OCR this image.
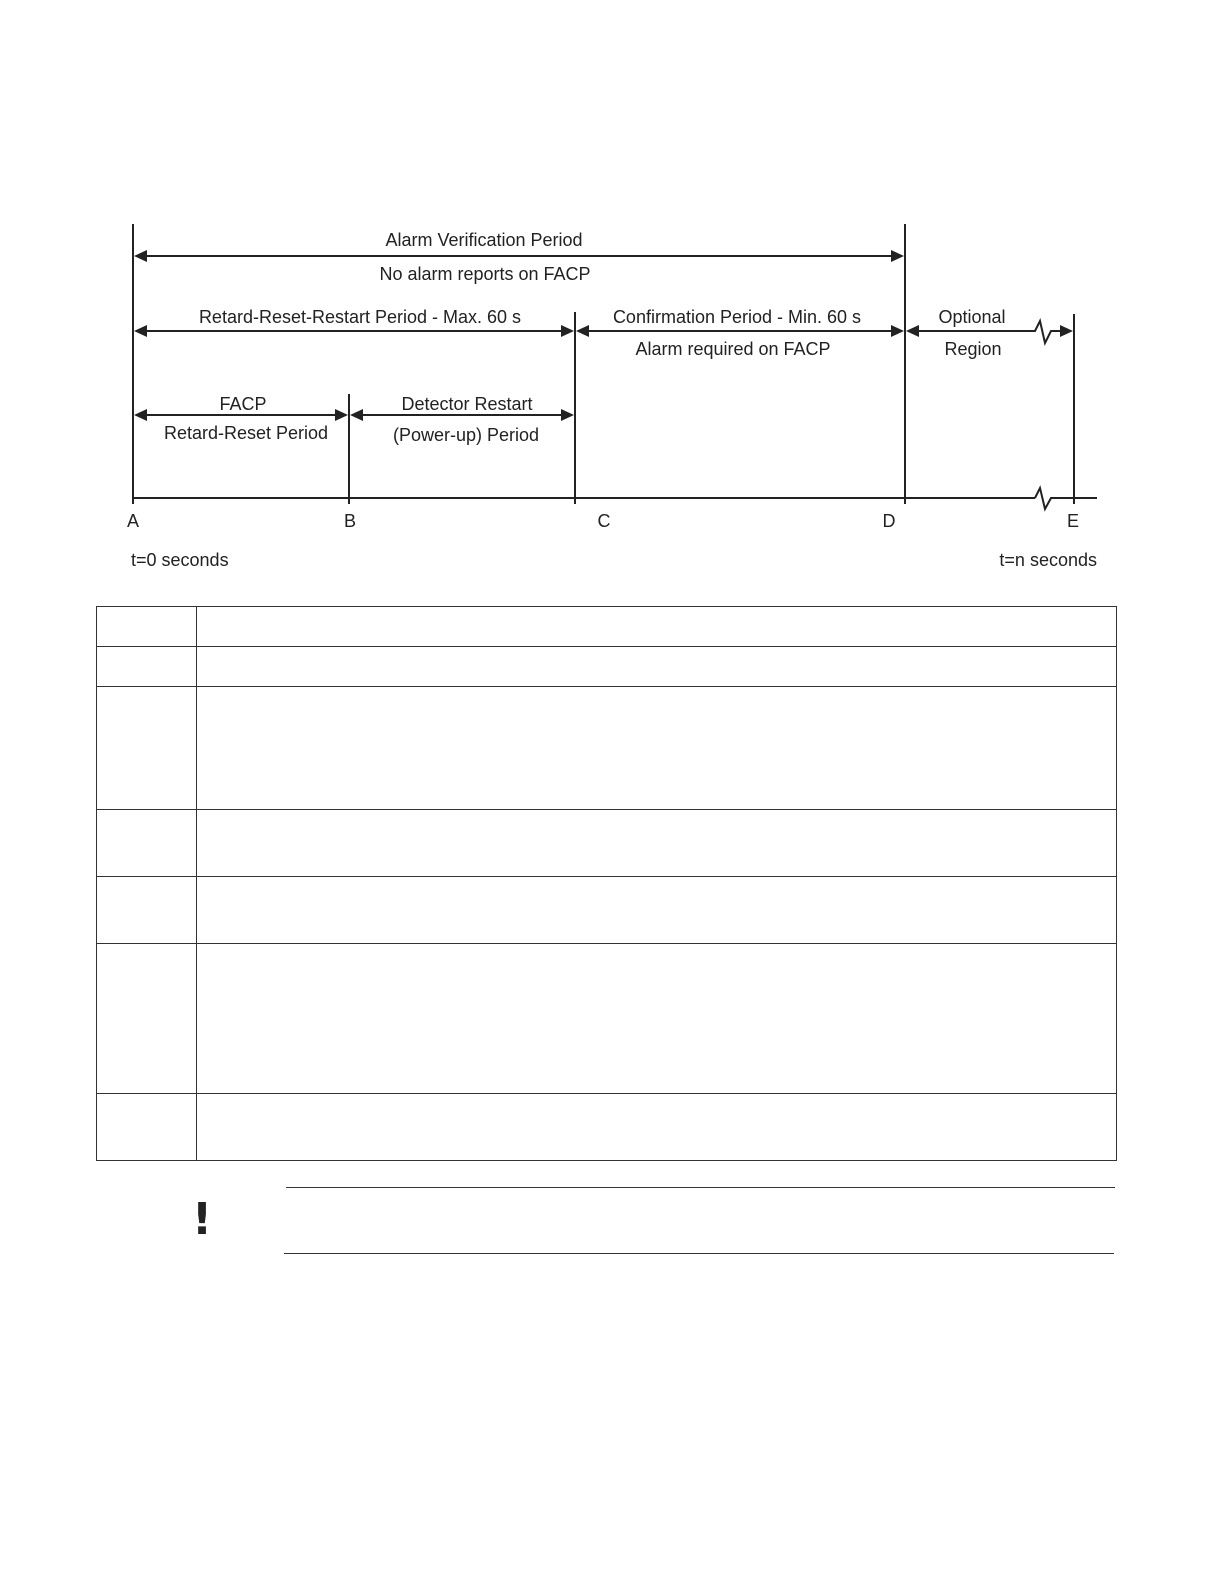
Alarm Verification Period
No alarm reports on FACP
Retard-Reset-Restart Period - Max. 60 s	Confirmation Period - Min. 60 s
Alarm required on FACP
Optional
Region
FACP
Retard-Reset Period
Detector Restart
(Power-up) Period
A	B	C	D	E
t=0 seconds	t=n seconds

!
